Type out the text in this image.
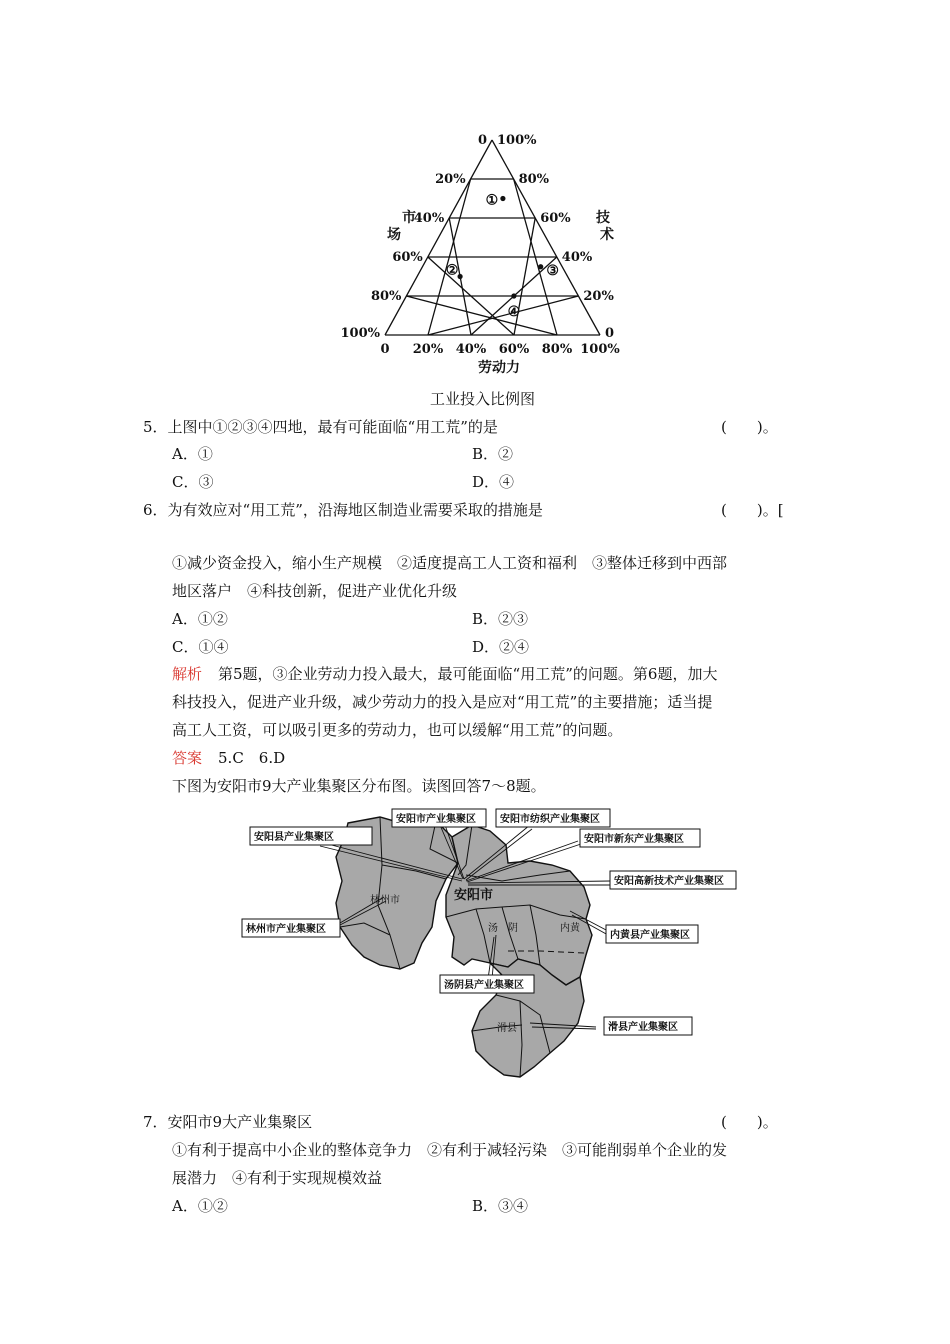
100%
80%
60%
40%
20%
0
0
20%
40%
60%
80%
100%
0 20% 40% 60% 80% 100%
①
②	③
④
市
场
技
术
劳动力
工业投入比例图
5．上图中①②③④四地，最有可能面临“用工荒”的是	(　　)。
A．①	B．②
C．③	D．④
6．为有效应对“用工荒”，沿海地区制造业需要采取的措施是	(　　)。[
①减少资金投入，缩小生产规模　②适度提高工人工资和福利　③整体迁移到中西部
地区落户　④科技创新，促进产业优化升级
A．①②	B．②③
C．①④	D．②④
解析 第5题，③企业劳动力投入最大，最可能面临“用工荒”的问题。第6题，加大
科技投入，促进产业升级，减少劳动力的投入是应对“用工荒”的主要措施；适当提
高工人工资，可以吸引更多的劳动力，也可以缓解“用工荒”的问题。
答案 5.C　6.D
下图为安阳市9大产业集聚区分布图。读图回答7～8题。
安阳县产业集聚区
安阳市产业集聚区 安阳市纺织产业集聚区
安阳市新东产业集聚区
安阳高新技术产业集聚区
林州市产业集聚区
内黄县产业集聚区
汤阴县产业集聚区
滑县产业集聚区
安阳市
林州市
汤　阴	内黄
滑县
7．安阳市9大产业集聚区	(　　)。
①有利于提高中小企业的整体竞争力　②有利于减轻污染　③可能削弱单个企业的发
展潜力　④有利于实现规模效益
A．①②	B．③④
